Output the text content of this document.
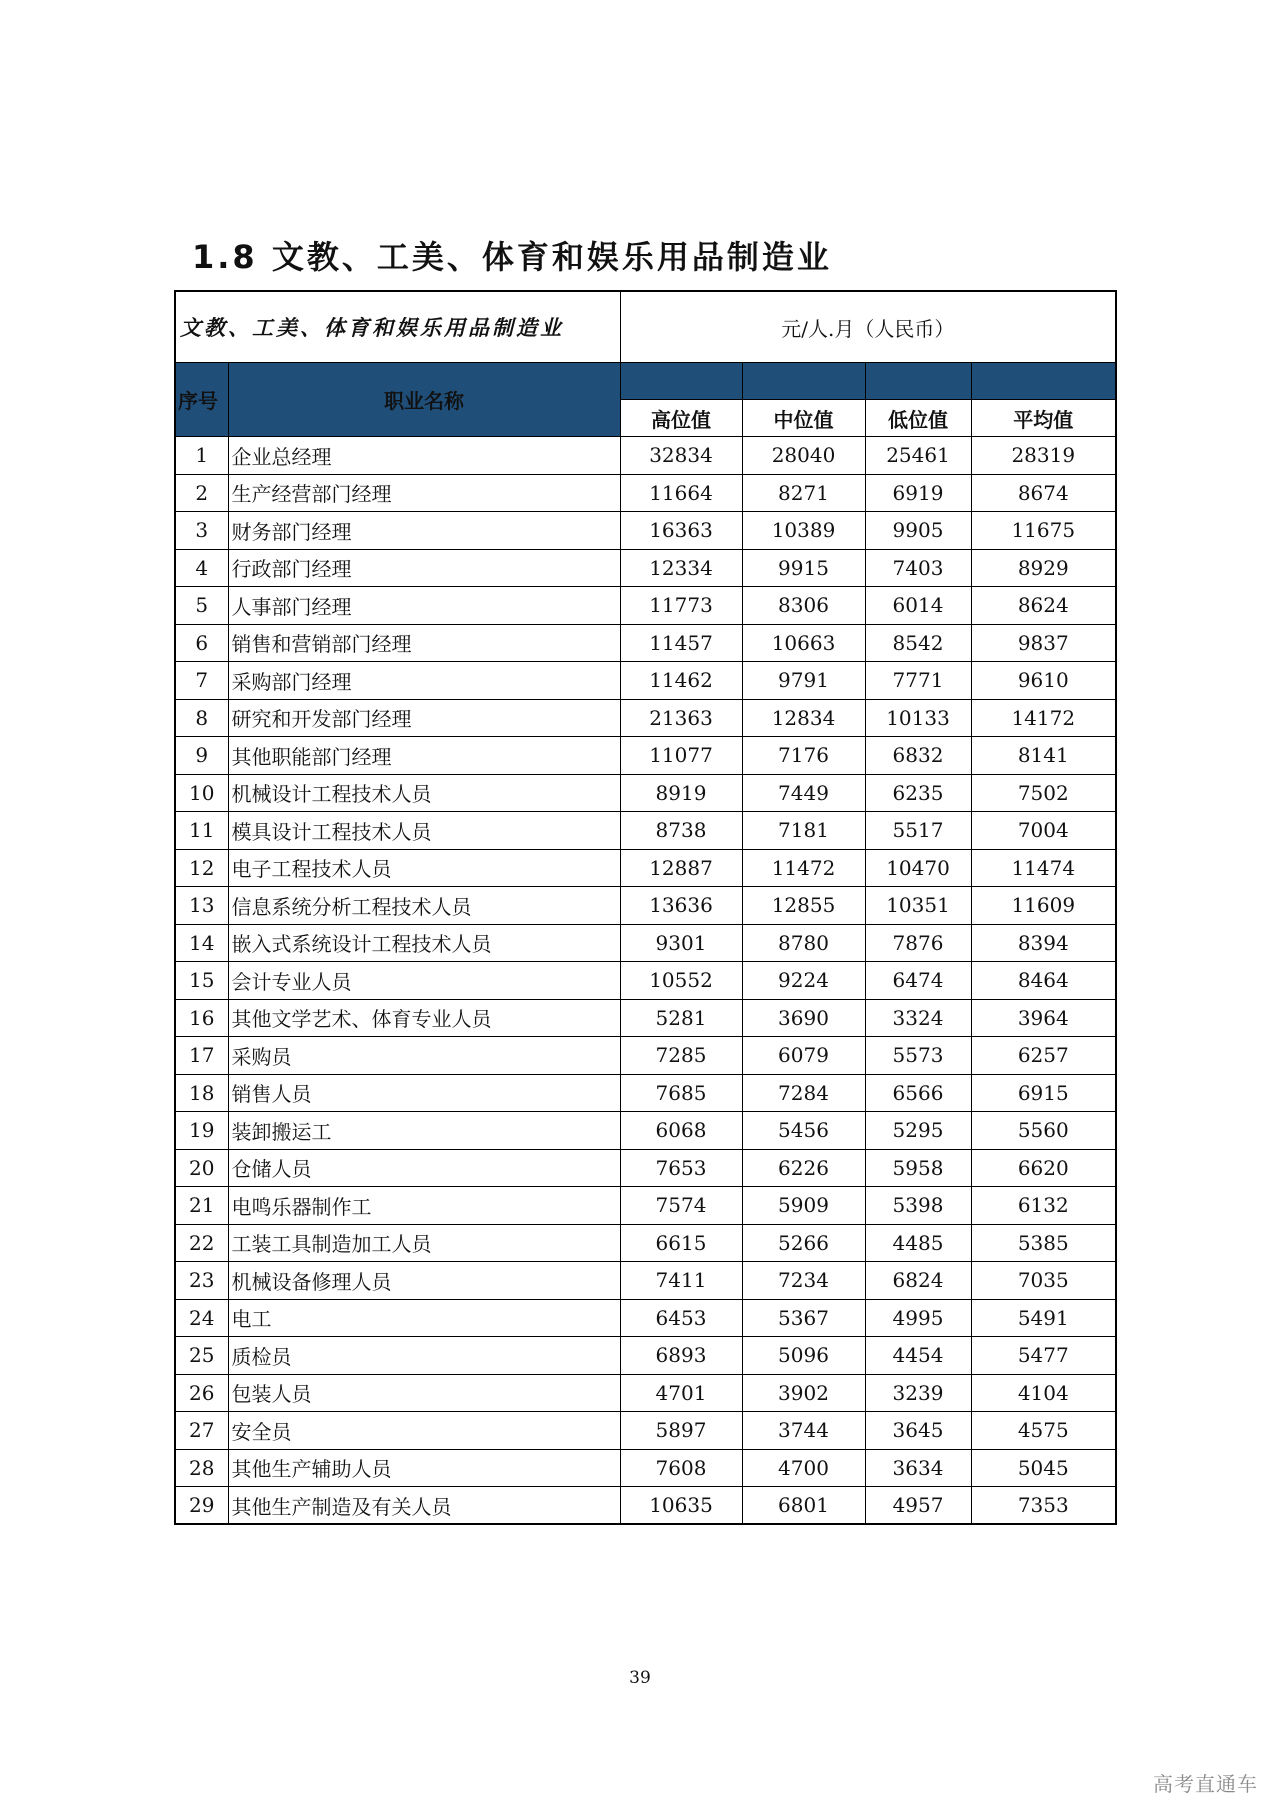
1.8 文教、工美、体育和娱乐用品制造业
文教、工美、体育和娱乐用品制造业		元/人.月（人民币）			
序号	职业名称				
		高位值	中位值	低位值	平均值
1	企业总经理	32834	28040	25461	28319
2	生产经营部门经理	11664	8271	6919	8674
3	财务部门经理	16363	10389	9905	11675
4	行政部门经理	12334	9915	7403	8929
5	人事部门经理	11773	8306	6014	8624
6	销售和营销部门经理	11457	10663	8542	9837
7	采购部门经理	11462	9791	7771	9610
8	研究和开发部门经理	21363	12834	10133	14172
9	其他职能部门经理	11077	7176	6832	8141
10	机械设计工程技术人员	8919	7449	6235	7502
11	模具设计工程技术人员	8738	7181	5517	7004
12	电子工程技术人员	12887	11472	10470	11474
13	信息系统分析工程技术人员	13636	12855	10351	11609
14	嵌入式系统设计工程技术人员	9301	8780	7876	8394
15	会计专业人员	10552	9224	6474	8464
16	其他文学艺术、体育专业人员	5281	3690	3324	3964
17	采购员	7285	6079	5573	6257
18	销售人员	7685	7284	6566	6915
19	装卸搬运工	6068	5456	5295	5560
20	仓储人员	7653	6226	5958	6620
21	电鸣乐器制作工	7574	5909	5398	6132
22	工装工具制造加工人员	6615	5266	4485	5385
23	机械设备修理人员	7411	7234	6824	7035
24	电工	6453	5367	4995	5491
25	质检员	6893	5096	4454	5477
26	包装人员	4701	3902	3239	4104
27	安全员	5897	3744	3645	4575
28	其他生产辅助人员	7608	4700	3634	5045
29	其他生产制造及有关人员	10635	6801	4957	7353
39
高考直通车
